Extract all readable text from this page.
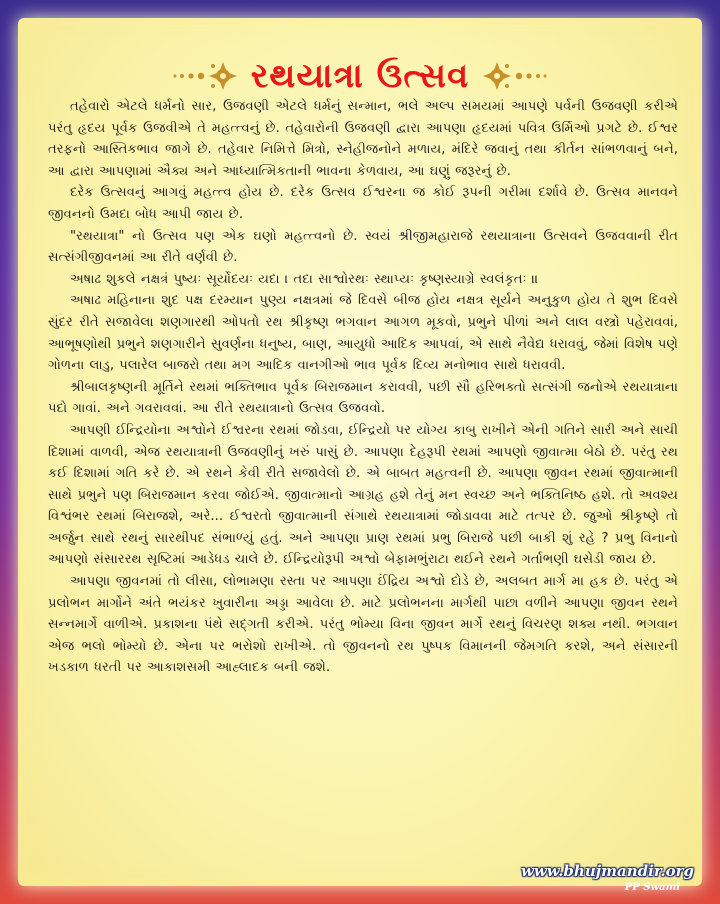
રથયાત્રા ઉત્સવ

તહેવારો એટલે ધર્મનો સાર, ઉજવણી એટલે ધર્મનું સન્માન, ભલે અલ્પ સમયમાં આપણે પર્વની ઉજવણી કરીએ પરંતુ હૃદય પૂર્વક ઉજવીએ તે મહત્ત્વનું છે. તહેવારોની ઉજવણી દ્વારા આપણા હૃદયમાં પવિત્ર ઉર્મિઓ પ્રગટે છે. ઈશ્વર તરફનો આસ્તિકભાવ જાગે છે. તહેવાર નિમિત્તે મિત્રો, સ્નેહીજનોને મળાય, મંદિરે જવાનું તથા કીર્તન સાંભળવાનું બને, આ દ્વારા આપણામાં ઐક્ય અને આધ્યાત્મિકતાની ભાવના કેળવાય, આ ઘણું જરૂરનું છે.

દરેક ઉત્સવનું આગવું મહત્ત્વ હોય છે. દરેક ઉત્સવ ઈશ્વરના જ કોઈ રૂપની ગરીમા દર્શાવે છે. ઉત્સવ માનવને જીવનનો ઉમદા બોધ આપી જાય છે.

"રથયાત્રા" નો ઉત્સવ પણ એક ઘણો મહત્ત્વનો છે. સ્વયં શ્રીજીમહારાજે રથયાત્રાના ઉત્સવને ઉજવવાની રીત સત્સંગીજીવનમાં આ રીતે વર્ણવી છે.

અષાઢ શુકલે નક્ષત્રં પુષ્યઃ સૂર્યોદયઃ યદા । તદા સાશ્વોરથઃ સ્થાપ્યઃ કૃષ્ણસ્યાગ્રે સ્વલંકૃતઃ ॥

અષાઢ મહિનાના શુદ પક્ષ દરમ્યાન પુણ્ય નક્ષત્રમાં જે દિવસે બીજ હોય નક્ષત્ર સૂર્યને અનુકુળ હોય તે શુભ દિવસે સુંદર રીતે સજાવેલા શણગારથી ઓપતો રથ શ્રીકૃષ્ણ ભગવાન આગળ મૂકવો, પ્રભુને પીળાં અને લાલ વસ્ત્રો પહેરાવવાં, આભૂષણોથી પ્રભુને શણગારીને સુવર્ણના ધનુષ્ય, બાણ, આયુધો આદિક આપવાં, એ સાથે નૈવેદ્ય ધરાવવું, જેમાં વિશેષ પણે ગોળના લાડુ, પલારેલ બાજરો તથા મગ આદિક વાનગીઓ ભાવ પૂર્વક દિવ્ય મનોભાવ સાથે ધરાવવી.

શ્રીબાલકૃષ્ણની મૂર્તિને રથમાં ભક્તિભાવ પૂર્વક બિરાજમાન કરાવવી, પછી સૌ હરિભક્તો સત્સંગી જનોએ રથયાત્રાના પદો ગાવાં. અને ગવરાવવાં. આ રીતે રથયાત્રાનો ઉત્સવ ઉજવવો.

આપણી ઈન્દ્રિયોના અશ્વોને ઈશ્વરના રથમાં જોડવા, ઈન્દ્રિયો પર યોગ્ય કાબુ રાખીને એની ગતિને સારી અને સાચી દિશામાં વાળવી, એજ રથયાત્રાની ઉજવણીનું ખરું પાસું છે. આપણા દેહરૂપી રથમાં આપણો જીવાત્મા બેઠો છે. પરંતુ રથ કઈ દિશામાં ગતિ કરે છે. એ રથને કેવી રીતે સજાવેલો છે. એ બાબત મહત્વની છે. આપણા જીવન રથમાં જીવાત્માની સાથે પ્રભુને પણ બિરાજમાન કરવા જોઈએ. જીવાત્માનો આગ્રહ હશે તેનું મન સ્વચ્છ અને ભક્તિનિષ્ઠ હશે. તો અવશ્ય વિશ્વંભર રથમાં બિરાજશે, અરે... ઈશ્વરતો જીવાત્માની સંગાથે રથયાત્રામાં જોડાવવા માટે તત્પર છે. જુઓ શ્રીકૃષ્ણે તો અર્જુન સાથે રથનું સારથીપદ સંભાળ્યું હતું. અને આપણા પ્રાણ રથમાં પ્રભુ બિરાજે પછી બાકી શું રહે ? પ્રભુ વિનાનો આપણો સંસારરથ સૃષ્ટિમાં આડેધડ ચાલે છે. ઈન્દ્રિયોરૂપી અશ્વો બેફામભુંરાટા થઈને રથને ગર્તાભણી ઘસેડી જાય છે.

આપણા જીવનમાં તો લીસા, લોભામણા રસ્તા પર આપણા ઈંદ્રિય અશ્વો દોડે છે, અલબત માર્ગ મા હક છે. પરંતુ એ પ્રલોભન માર્ગોને અંતે ભયંકર ખુવારીના અડ્ડા આવેલા છે. માટે પ્રલોભનના માર્ગથી પાછા વળીને આપણા જીવન રથને સન્નમાર્ગે વાળીએ. પ્રકાશના પંથે સદ્ગતી કરીએ. પરંતુ ભોમ્યા વિના જીવન માર્ગે રથનું વિચરણ શક્ય નથી. ભગવાન એજ ભલો ભોમ્યો છે. એના પર ભરોશો રાખીએ. તો જીવનનો રથ પુષ્પક વિમાનની જેમગતિ કરશે, અને સંસારની ખડકાળ ધરતી પર આકાશસમી આહ્લાદક બની જશે.

www.bhujmandir.org
PP Swami
